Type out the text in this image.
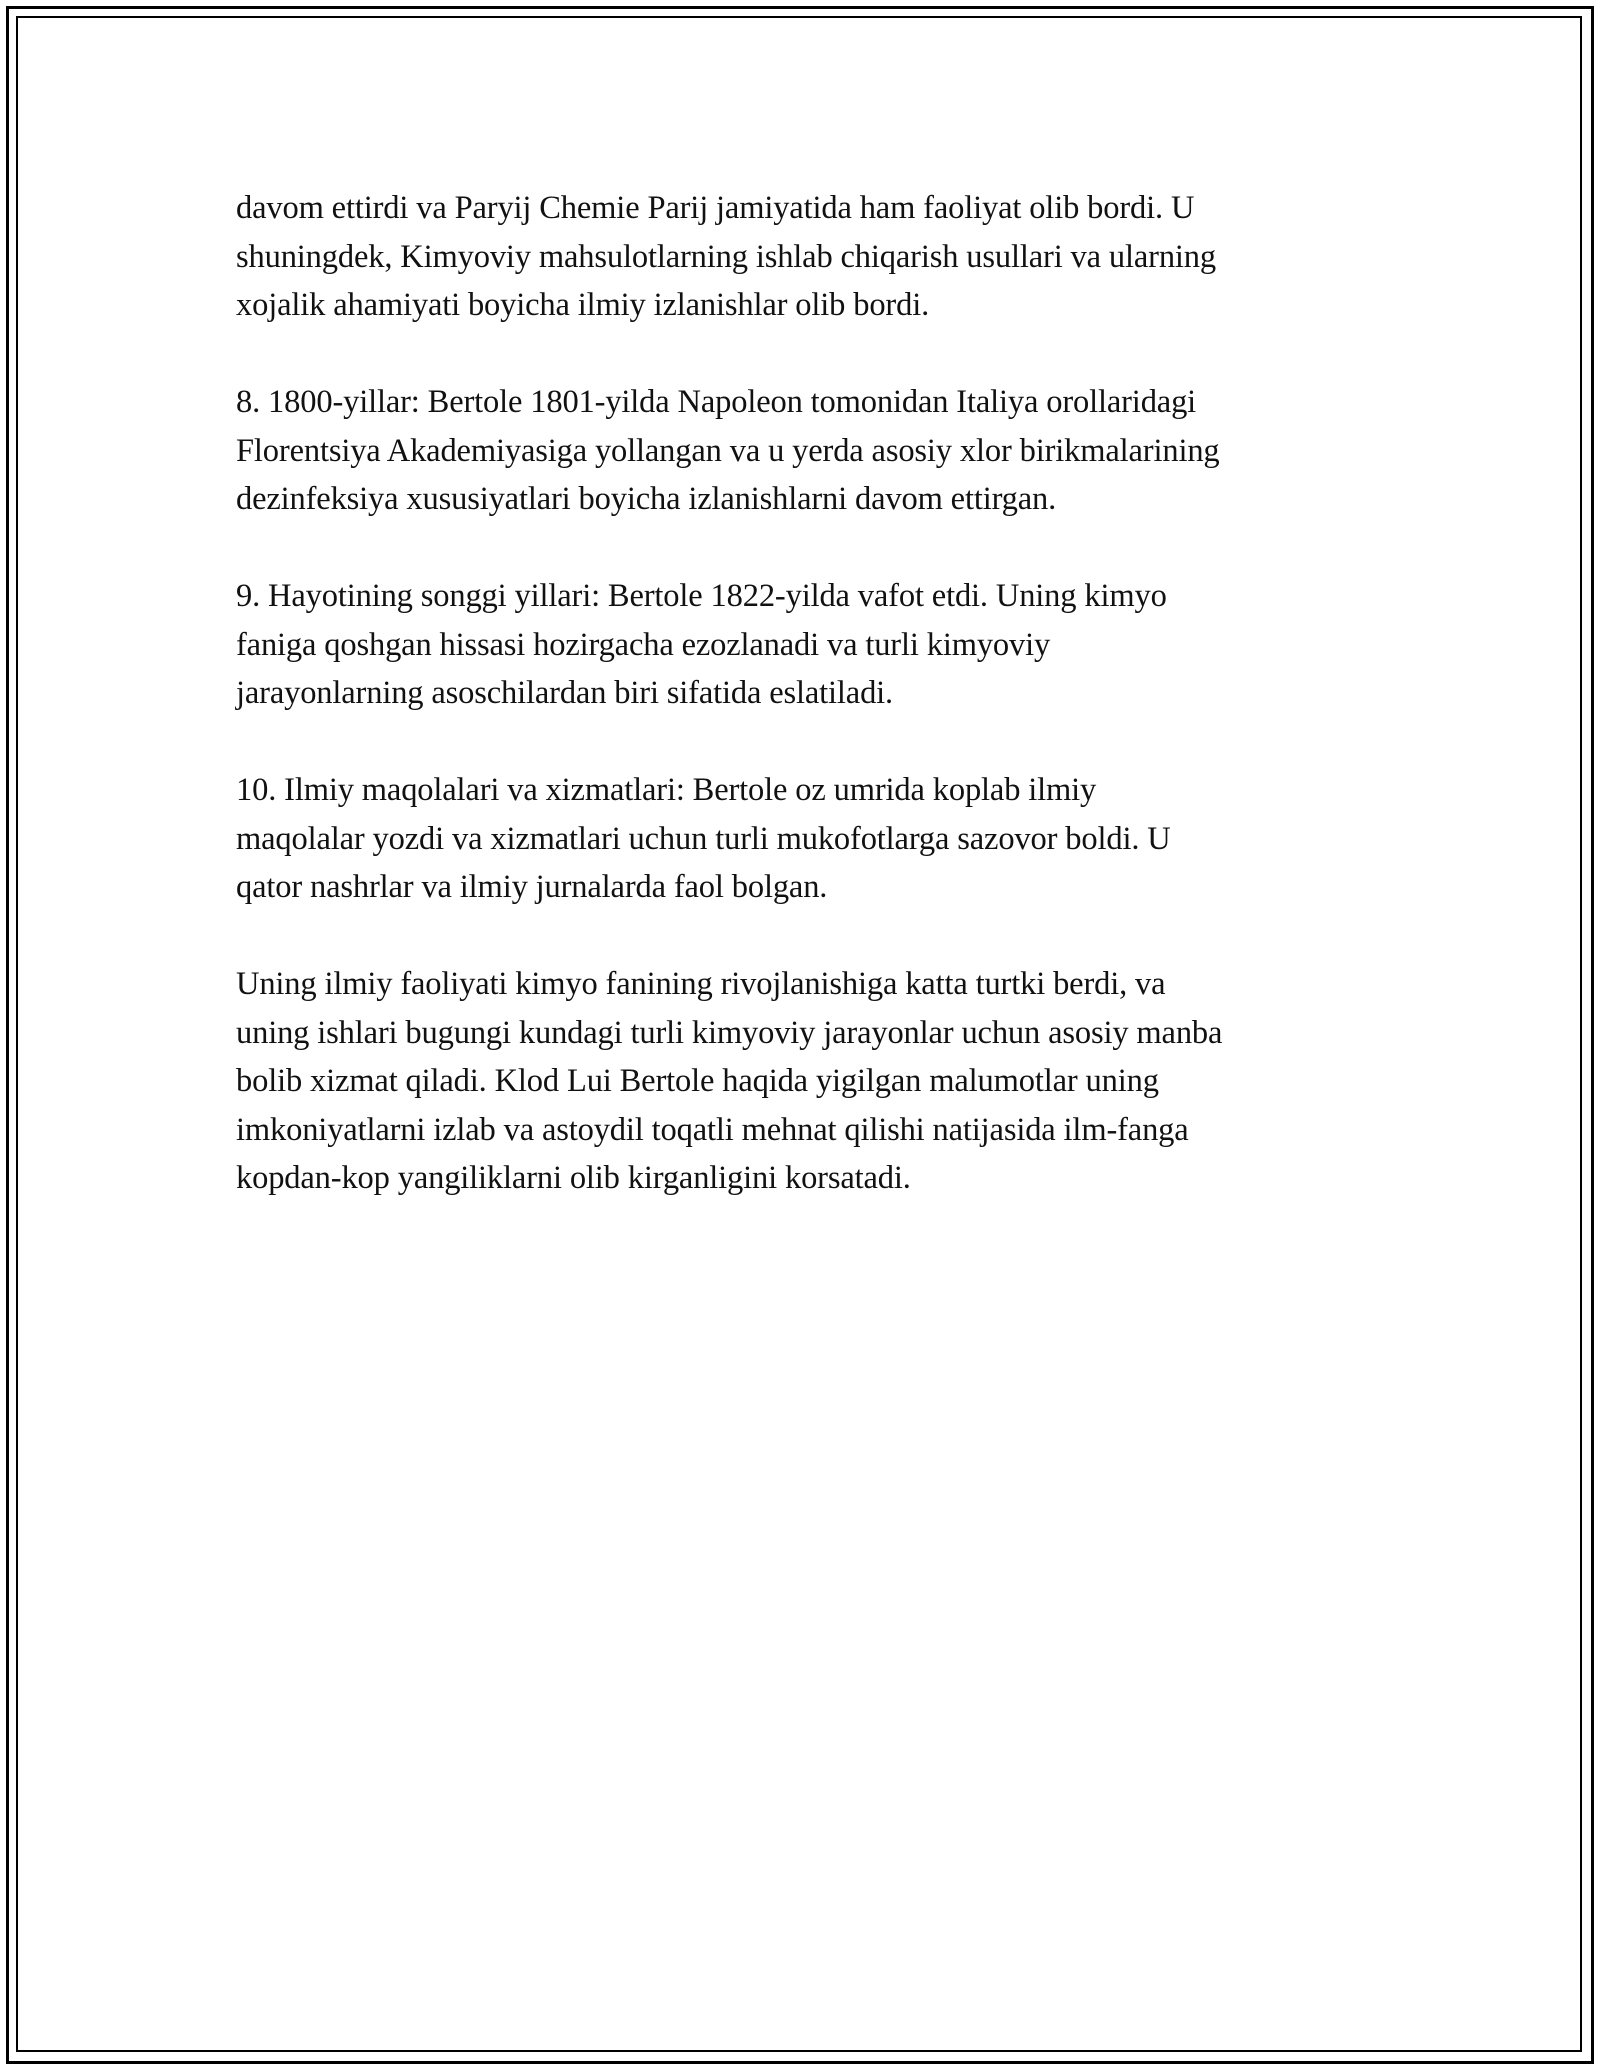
davom ettirdi va Paryij Chemie Parij jamiyatida ham faoliyat olib bordi. U
shuningdek, Kimyoviy mahsulotlarning ishlab chiqarish usullari va ularning
xojalik ahamiyati boyicha ilmiy izlanishlar olib bordi.

8. 1800-yillar: Bertole 1801-yilda Napoleon tomonidan Italiya orollaridagi
Florentsiya Akademiyasiga yollangan va u yerda asosiy xlor birikmalarining
dezinfeksiya xususiyatlari boyicha izlanishlarni davom ettirgan.

9. Hayotining songgi yillari: Bertole 1822-yilda vafot etdi. Uning kimyo
faniga qoshgan hissasi hozirgacha ezozlanadi va turli kimyoviy
jarayonlarning asoschilardan biri sifatida eslatiladi.

10. Ilmiy maqolalari va xizmatlari: Bertole oz umrida koplab ilmiy
maqolalar yozdi va xizmatlari uchun turli mukofotlarga sazovor boldi. U
qator nashrlar va ilmiy jurnalarda faol bolgan.

Uning ilmiy faoliyati kimyo fanining rivojlanishiga katta turtki berdi, va
uning ishlari bugungi kundagi turli kimyoviy jarayonlar uchun asosiy manba
bolib xizmat qiladi. Klod Lui Bertole haqida yigilgan malumotlar uning
imkoniyatlarni izlab va astoydil toqatli mehnat qilishi natijasida ilm-fanga
kopdan-kop yangiliklarni olib kirganligini korsatadi.
